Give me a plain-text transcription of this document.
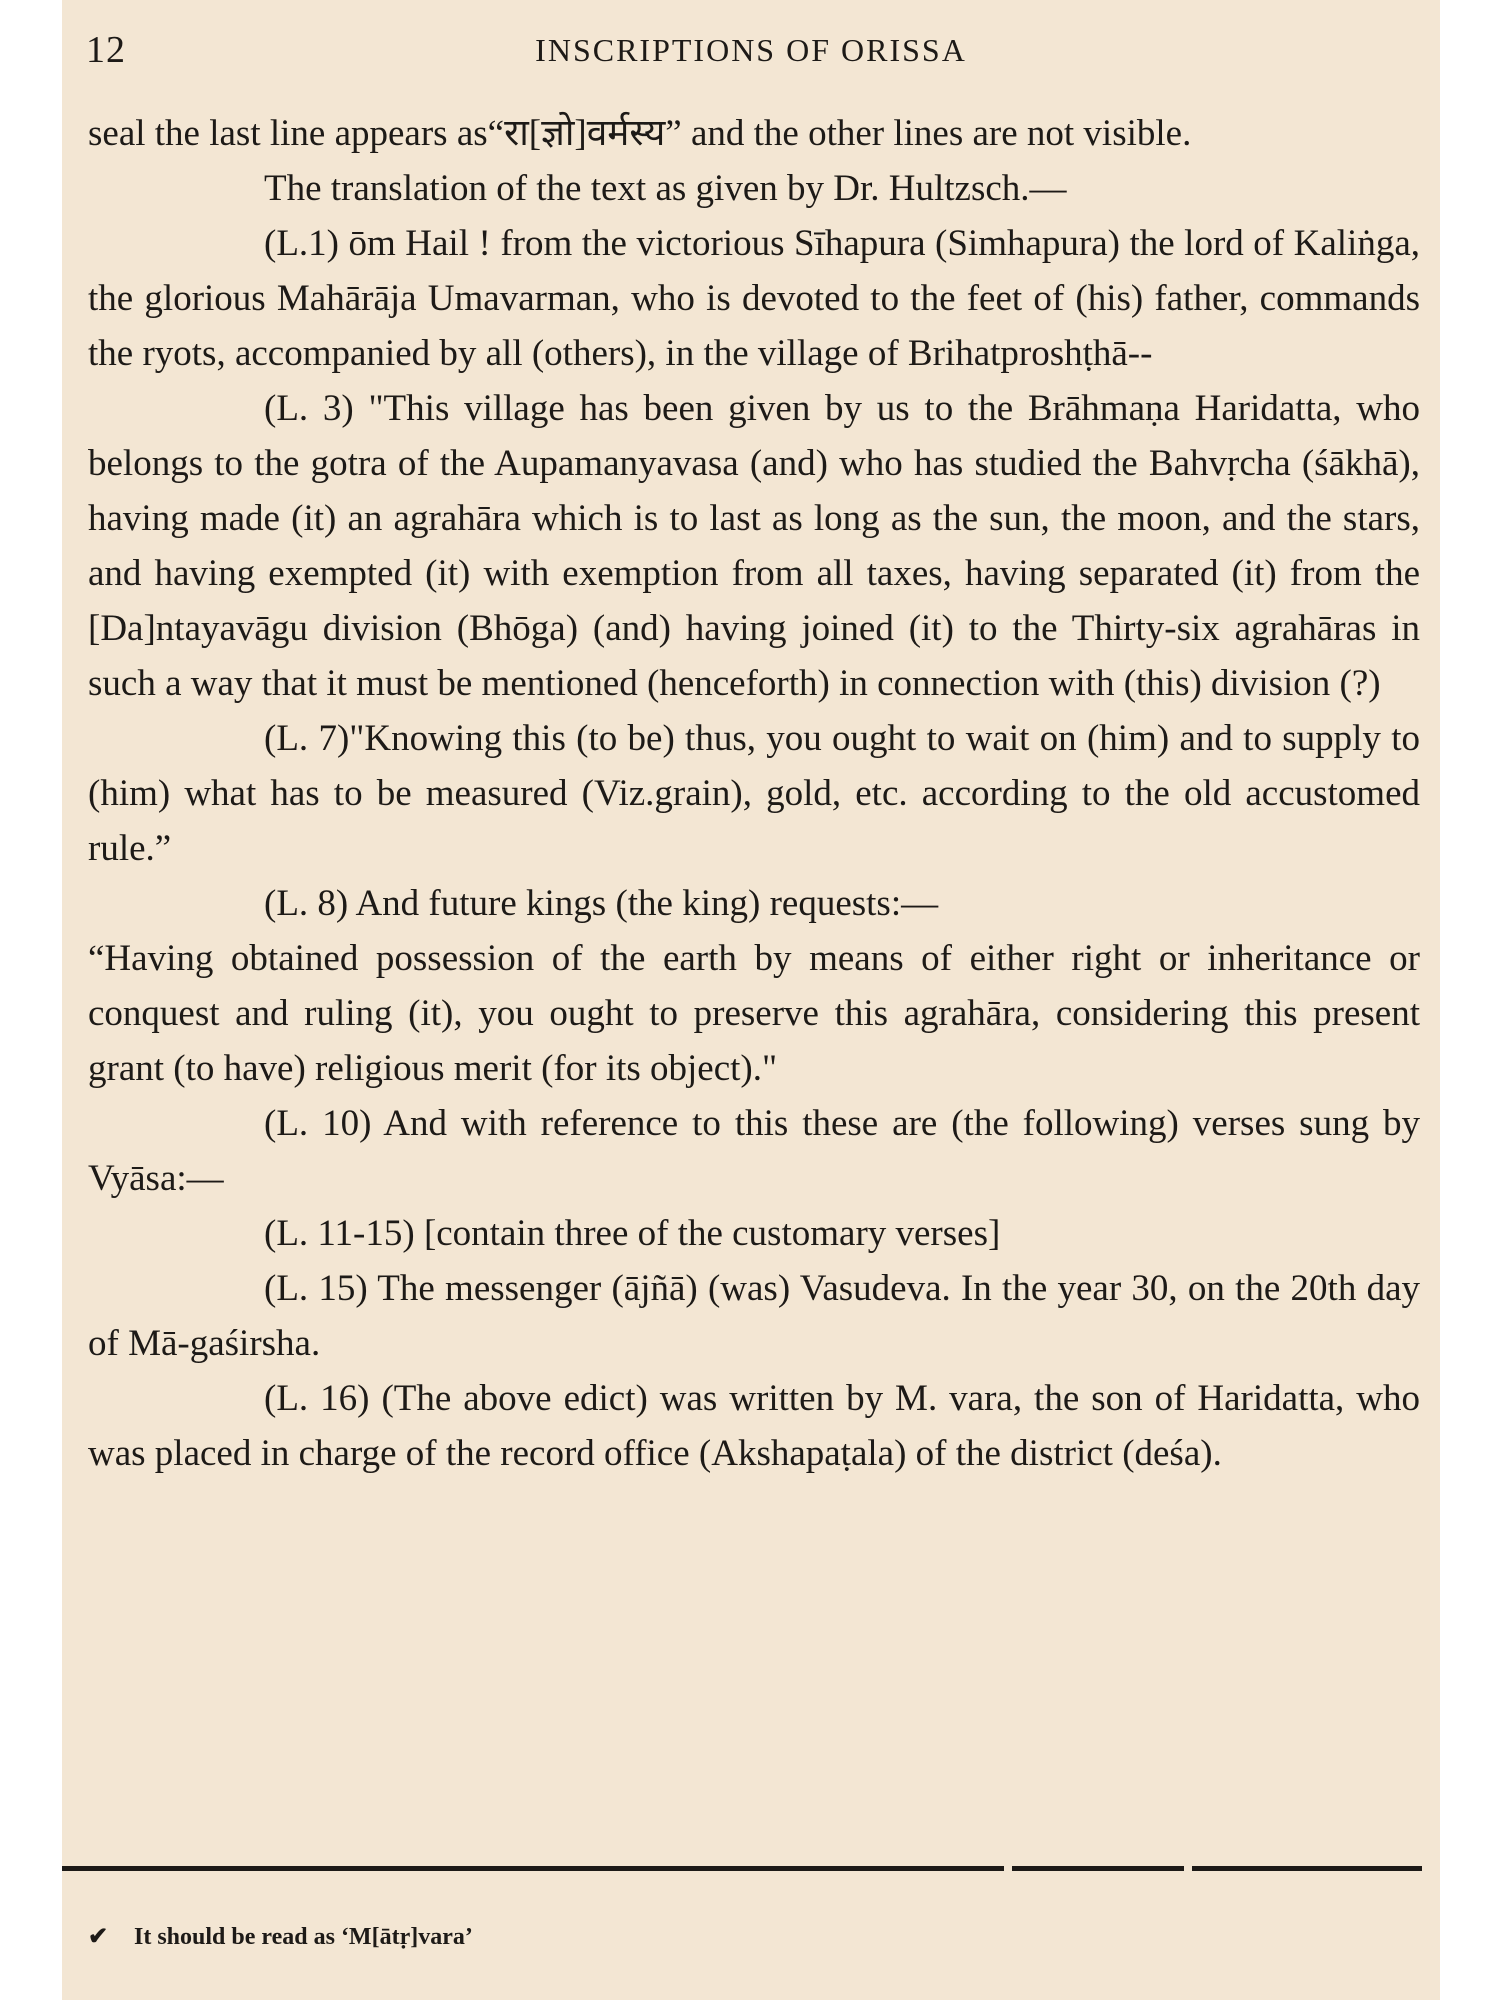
12	INSCRIPTIONS OF ORISSA

seal the last line appears as“रा[ज्ञो]वर्मस्य” and the other lines are not visible.

The translation of the text as given by Dr. Hultzsch.—

(L.1) ōm Hail ! from the victorious Sīhapura (Simhapura) the lord of Kaliṅga, the glorious Mahārāja Umavarman, who is devoted to the feet of (his) father, commands the ryots, accompanied by all (others), in the village of Brihatproshṭhā--

(L. 3) "This village has been given by us to the Brāhmaṇa Haridatta, who belongs to the gotra of the Aupamanyavasa (and) who has studied the Bahvṛcha (śākhā), having made (it) an agrahāra which is to last as long as the sun, the moon, and the stars, and having exempted (it) with exemption from all taxes, having separated (it) from the [Da]ntayavāgu division (Bhōga) (and) having joined (it) to the Thirty-six agrahāras in such a way that it must be mentioned (henceforth) in connection with (this) division (?)

(L. 7)"Knowing this (to be) thus, you ought to wait on (him) and to supply to (him) what has to be measured (Viz.grain), gold, etc. according to the old accustomed rule.”

(L. 8) And future kings (the king) requests:—

“Having obtained possession of the earth by means of either right or inheritance or conquest and ruling (it), you ought to preserve this agrahāra, considering this present grant (to have) religious merit (for its object)."

(L. 10) And with reference to this these are (the following) verses sung by Vyāsa:—

(L. 11-15) [contain three of the customary verses]

(L. 15) The messenger (ājñā) (was) Vasudeva. In the year 30, on the 20th day of Mā-gaśirsha.

(L. 16) (The above edict) was written by M. vara, the son of Haridatta, who was placed in charge of the record office (Akshapaṭala) of the district (deśa).

✔ It should be read as ‘M[ātṛ]vara’
